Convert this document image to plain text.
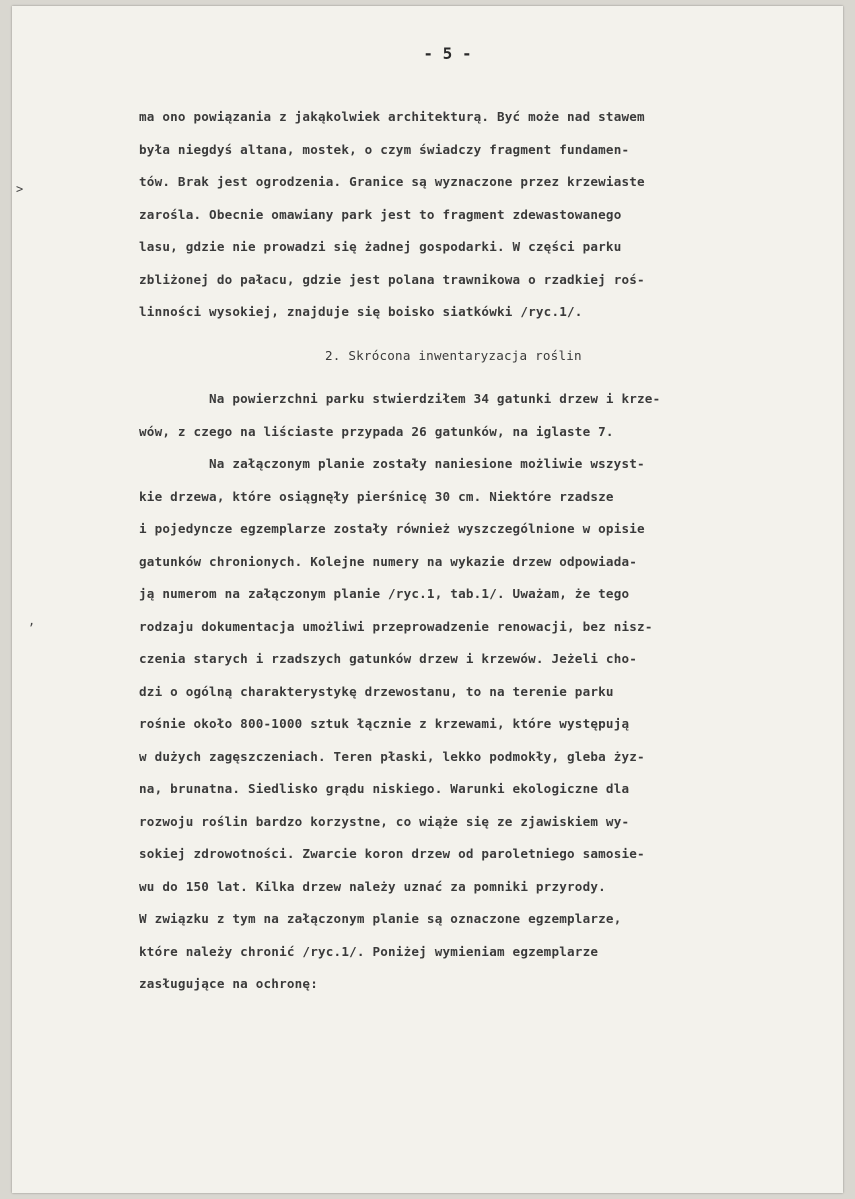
- 5 -
>
,
ma ono powiązania z jakąkolwiek architekturą. Być może nad stawem
była niegdyś altana, mostek, o czym świadczy fragment fundamen-
tów. Brak jest ogrodzenia. Granice są wyznaczone przez krzewiaste
zarośla. Obecnie omawiany park jest to fragment zdewastowanego
lasu, gdzie nie prowadzi się żadnej gospodarki. W części parku
zbliżonej do pałacu, gdzie jest polana trawnikowa o rzadkiej roś-
linności wysokiej, znajduje się boisko siatkówki /ryc.1/.
2. Skrócona inwentaryzacja roślin
Na powierzchni parku stwierdziłem 34 gatunki drzew i krze-
wów, z czego na liściaste przypada 26 gatunków, na iglaste 7.
Na załączonym planie zostały naniesione możliwie wszyst-
kie drzewa, które osiągnęły pierśnicę 30 cm. Niektóre rzadsze
i pojedyncze egzemplarze zostały również wyszczególnione w opisie
gatunków chronionych. Kolejne numery na wykazie drzew odpowiada-
ją numerom na załączonym planie /ryc.1, tab.1/. Uważam, że tego
rodzaju dokumentacja umożliwi przeprowadzenie renowacji, bez nisz-
czenia starych i rzadszych gatunków drzew i krzewów. Jeżeli cho-
dzi o ogólną charakterystykę drzewostanu, to na terenie parku
rośnie około 800-1000 sztuk łącznie z krzewami, które występują
w dużych zagęszczeniach. Teren płaski, lekko podmokły, gleba żyz-
na, brunatna. Siedlisko grądu niskiego. Warunki ekologiczne dla
rozwoju roślin bardzo korzystne, co wiąże się ze zjawiskiem wy-
sokiej zdrowotności. Zwarcie koron drzew od paroletniego samosie-
wu do 150 lat. Kilka drzew należy uznać za pomniki przyrody.
W związku z tym na załączonym planie są oznaczone egzemplarze,
które należy chronić /ryc.1/. Poniżej wymieniam egzemplarze
zasługujące na ochronę:
